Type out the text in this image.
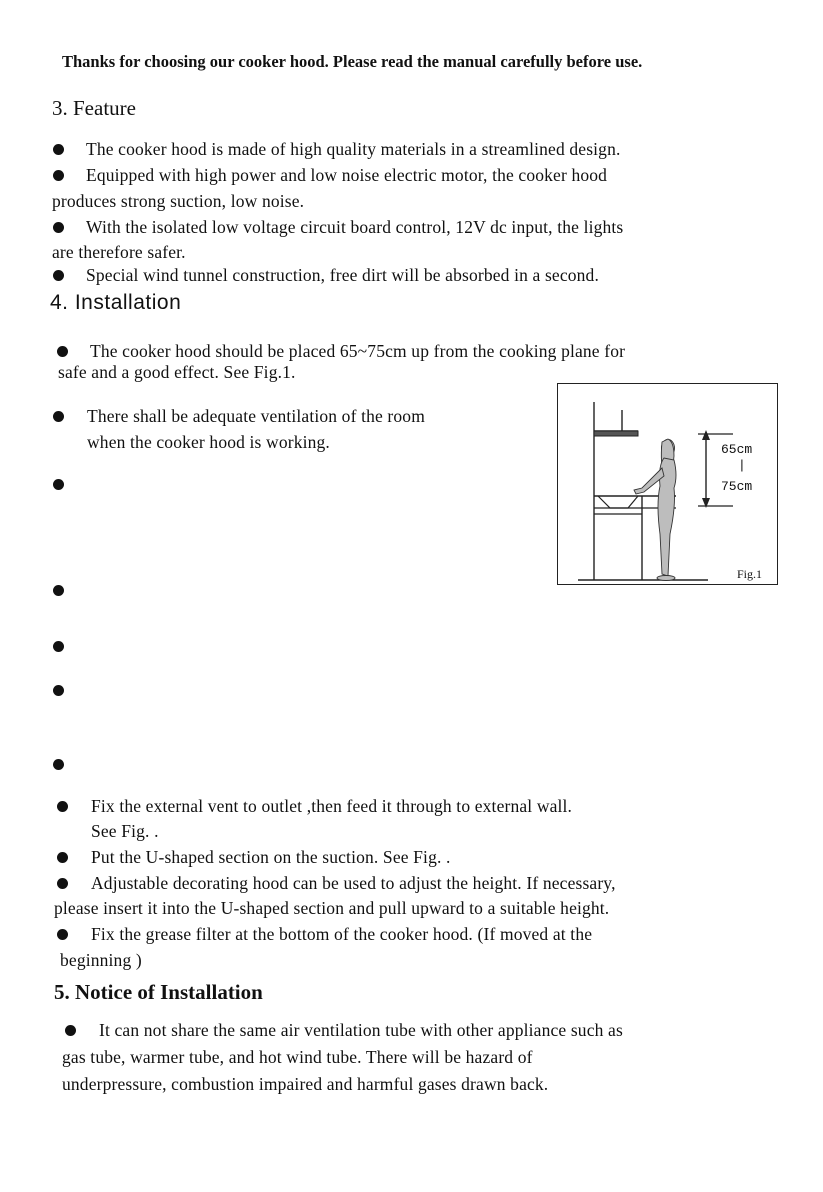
Thanks for choosing our cooker hood. Please read the manual carefully before use.
3. Feature
The cooker hood is made of high quality materials in a streamlined design.
Equipped with high power and low noise electric motor, the cooker hood
produces strong suction, low noise.
With the isolated low voltage circuit board control, 12V dc input, the lights
are therefore safer.
Special wind tunnel construction, free dirt will be absorbed in a second.
4. Installation
The cooker hood should be placed 65~75cm up from the cooking plane for
safe and a good effect. See Fig.1.
There shall be adequate ventilation of the room
when the cooker hood is working.
Fix the external vent to outlet ,then feed it through to external wall.
See Fig. .
Put the U-shaped section on the suction. See Fig. .
Adjustable decorating hood can be used to adjust the height. If necessary,
please insert it into the U-shaped section and pull upward to a suitable height.
Fix the grease filter at the bottom of the cooker hood. (If moved at the
beginning )
65cm
|
75cm
Fig.1
5. Notice of Installation
It can not share the same air ventilation tube with other appliance such as
gas tube, warmer tube, and hot wind tube. There will be hazard of
underpressure, combustion impaired and harmful gases drawn back.
